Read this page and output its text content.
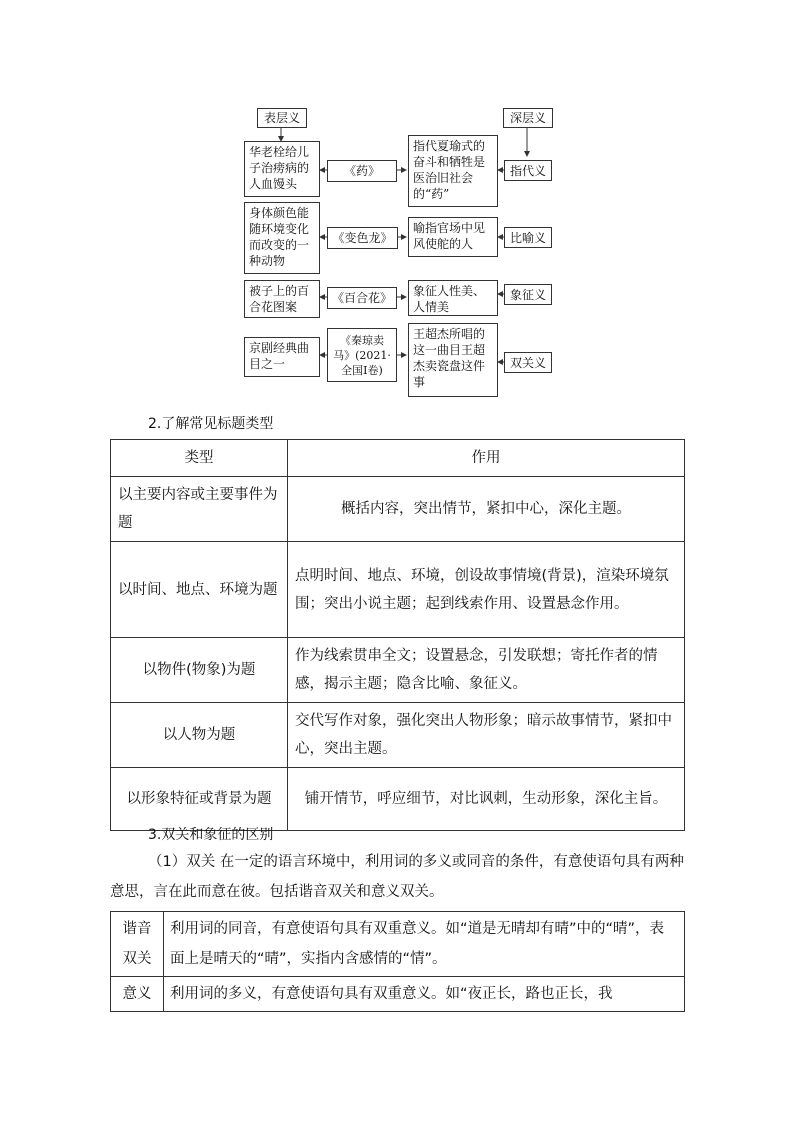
表层义	深层义
华老栓给儿子治痨病的人血馒头
《药》
指代夏瑜式的奋斗和牺牲是医治旧社会的“药”
指代义
身体颜色能随环境变化而改变的一种动物
《变色龙》
喻指官场中见风使舵的人	比喻义
被子上的百合花图案
《百合花》	象征人性美、人情美
象征义
京剧经典曲目之一
《秦琼卖马》(2021·全国Ⅰ卷)
王超杰所唱的这一曲目王超杰卖瓷盘这件事
双关义
2.了解常见标题类型
类型	作用
以主要内容或主要事件为题	概括内容，突出情节，紧扣中心，深化主题。
以时间、地点、环境为题	点明时间、地点、环境，创设故事情境(背景)，渲染环境氛围；突出小说主题；起到线索作用、设置悬念作用。
以物件(物象)为题	作为线索贯串全文；设置悬念，引发联想；寄托作者的情感，揭示主题；隐含比喻、象征义。
以人物为题	交代写作对象，强化突出人物形象；暗示故事情节，紧扣中心，突出主题。
以形象特征或背景为题	铺开情节，呼应细节，对比讽刺，生动形象，深化主旨。
3.双关和象征的区别
（1）双关 在一定的语言环境中，利用词的多义或同音的条件，有意使语句具有两种意思，言在此而意在彼。包括谐音双关和意义双关。
谐音双关	利用词的同音，有意使语句具有双重意义。如“道是无晴却有晴”中的“晴”，表面上是晴天的“晴”，实指内含感情的“情”。
意义	利用词的多义，有意使语句具有双重意义。如“夜正长，路也正长，我
